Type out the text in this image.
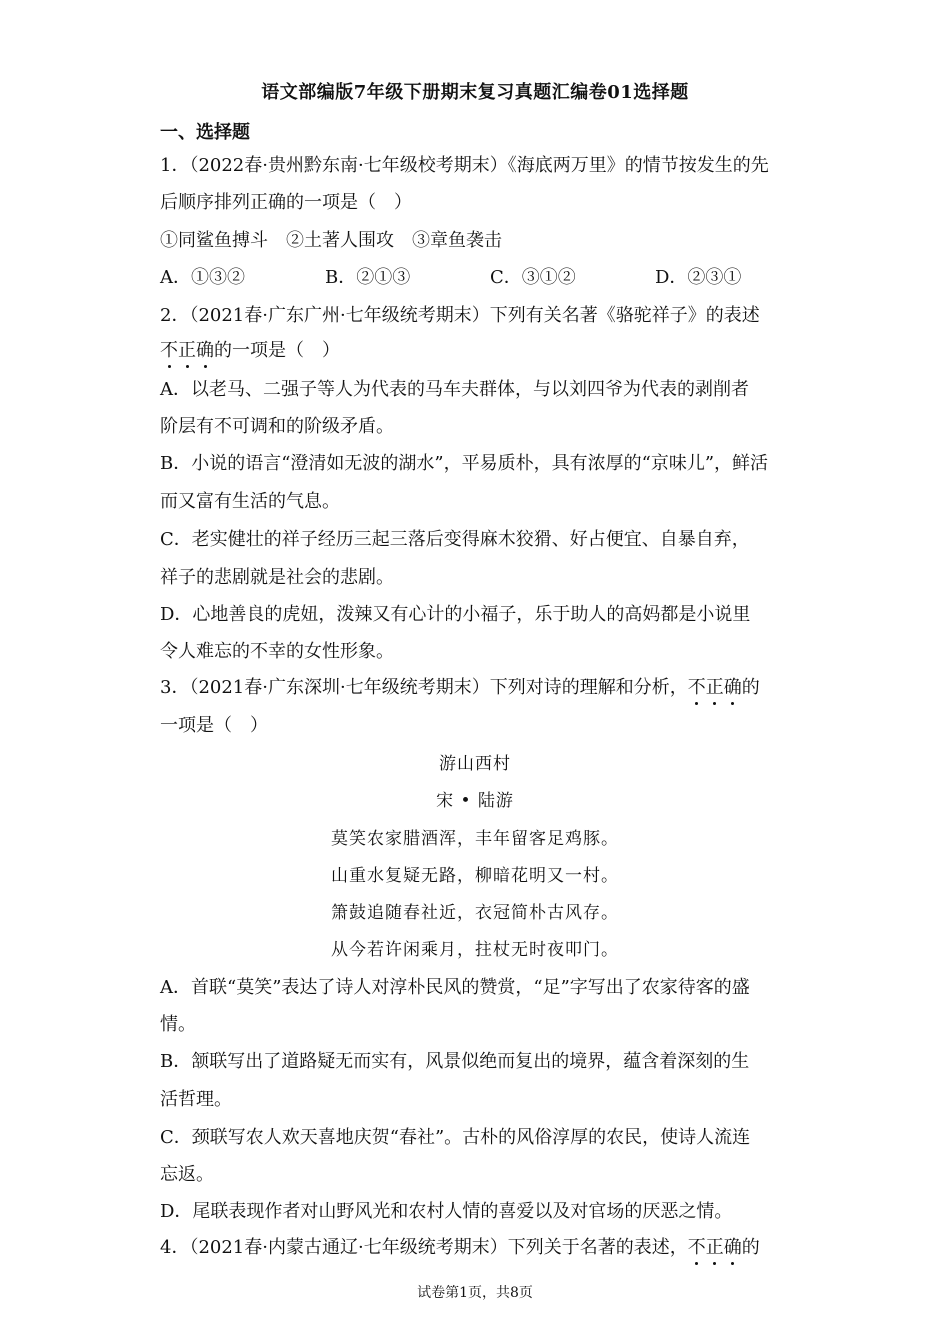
语文部编版7年级下册期末复习真题汇编卷01选择题
一、选择题
1．（2022春·贵州黔东南·七年级校考期末）《海底两万里》的情节按发生的先
后顺序排列正确的一项是（　）
①同鲨鱼搏斗　②土著人围攻　③章鱼袭击
A．①③②	B．②①③	C．③①②	D．②③①
2．（2021春·广东广州·七年级统考期末）下列有关名著《骆驼祥子》的表述
不正确的一项是（　）
A．以老马、二强子等人为代表的马车夫群体，与以刘四爷为代表的剥削者
阶层有不可调和的阶级矛盾。
B．小说的语言“澄清如无波的湖水”，平易质朴，具有浓厚的“京味儿”，鲜活
而又富有生活的气息。
C．老实健壮的祥子经历三起三落后变得麻木狡猾、好占便宜、自暴自弃，
祥子的悲剧就是社会的悲剧。
D．心地善良的虎妞，泼辣又有心计的小福子，乐于助人的高妈都是小说里
令人难忘的不幸的女性形象。
3．（2021春·广东深圳·七年级统考期末）下列对诗的理解和分析，不正确的
一项是（　）
游山西村
宋 • 陆游
莫笑农家腊酒浑，丰年留客足鸡豚。
山重水复疑无路，柳暗花明又一村。
箫鼓追随春社近，衣冠简朴古风存。
从今若许闲乘月，拄杖无时夜叩门。
A．首联“莫笑”表达了诗人对淳朴民风的赞赏，“足”字写出了农家待客的盛
情。
B．颔联写出了道路疑无而实有，风景似绝而复出的境界，蕴含着深刻的生
活哲理。
C．颈联写农人欢天喜地庆贺“春社”。古朴的风俗淳厚的农民，使诗人流连
忘返。
D．尾联表现作者对山野风光和农村人情的喜爱以及对官场的厌恶之情。
4．（2021春·内蒙古通辽·七年级统考期末）下列关于名著的表述，不正确的
试卷第1页，共8页
